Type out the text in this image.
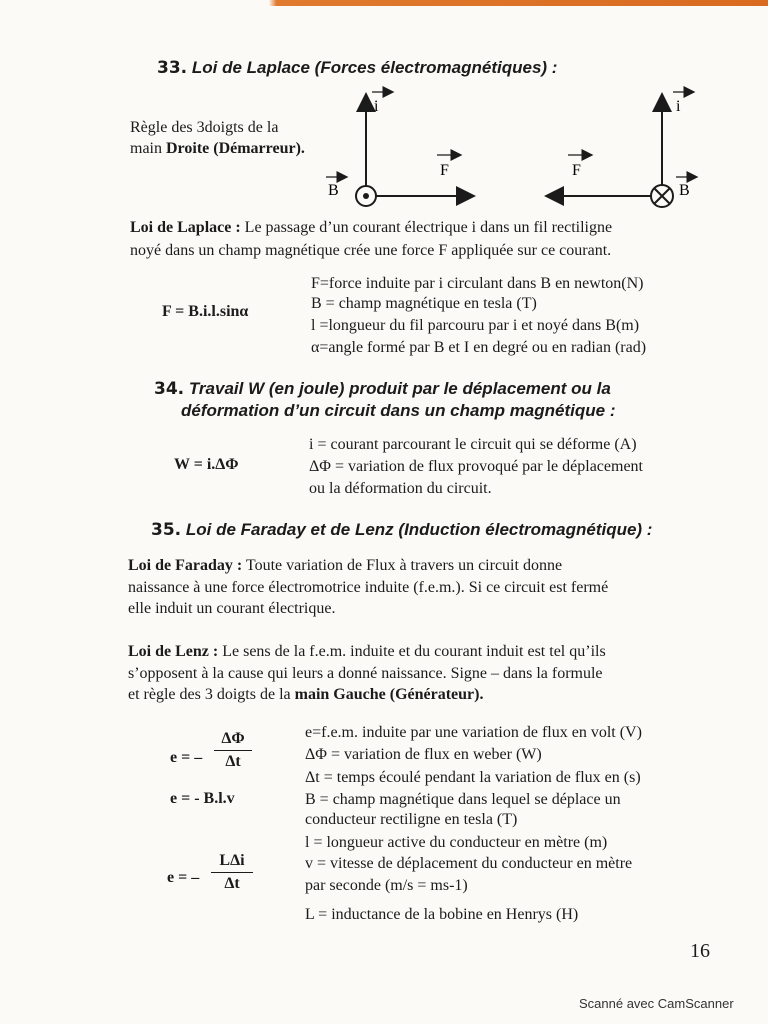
33. Loi de Laplace (Forces électromagnétiques) :
Règle des 3doigts de la
main Droite (Démarreur).
i
F
B
i
F
B
Loi de Laplace : Le passage d’un courant électrique i dans un fil rectiligne
noyé dans un champ magnétique crée une force F appliquée sur ce courant.
F = B.i.l.sinα
F=force induite par i circulant dans B en newton(N)
B = champ magnétique en tesla (T)
l =longueur du fil parcouru par i et noyé dans B(m)
α=angle formé par B et I en degré ou en radian (rad)
34. Travail W (en joule) produit par le déplacement ou la
déformation d’un circuit dans un champ magnétique :
W = i.ΔΦ
i = courant parcourant le circuit qui se déforme (A)
ΔΦ = variation de flux provoqué par le déplacement
ou la déformation du circuit.
35. Loi de Faraday et de Lenz (Induction électromagnétique) :
Loi de Faraday : Toute variation de Flux à travers un circuit donne
naissance à une force électromotrice induite (f.e.m.). Si ce circuit est fermé
elle induit un courant électrique.
Loi de Lenz : Le sens de la f.e.m. induite et du courant induit est tel qu’ils
s’opposent à la cause qui leurs a donné naissance. Signe – dans la formule
et règle des 3 doigts de la main Gauche (Générateur).
e = –
ΔΦ
Δt
e = - B.l.v
e = –
LΔi
Δt
e=f.e.m. induite par une variation de flux en volt (V)
ΔΦ = variation de flux en weber (W)
Δt = temps écoulé pendant la variation de flux en (s)
B = champ magnétique dans lequel se déplace un
conducteur rectiligne en tesla (T)
l = longueur active du conducteur en mètre (m)
v = vitesse de déplacement du conducteur en mètre
par seconde (m/s = ms-1)
L = inductance de la bobine en Henrys (H)
16
Scanné avec CamScanner
